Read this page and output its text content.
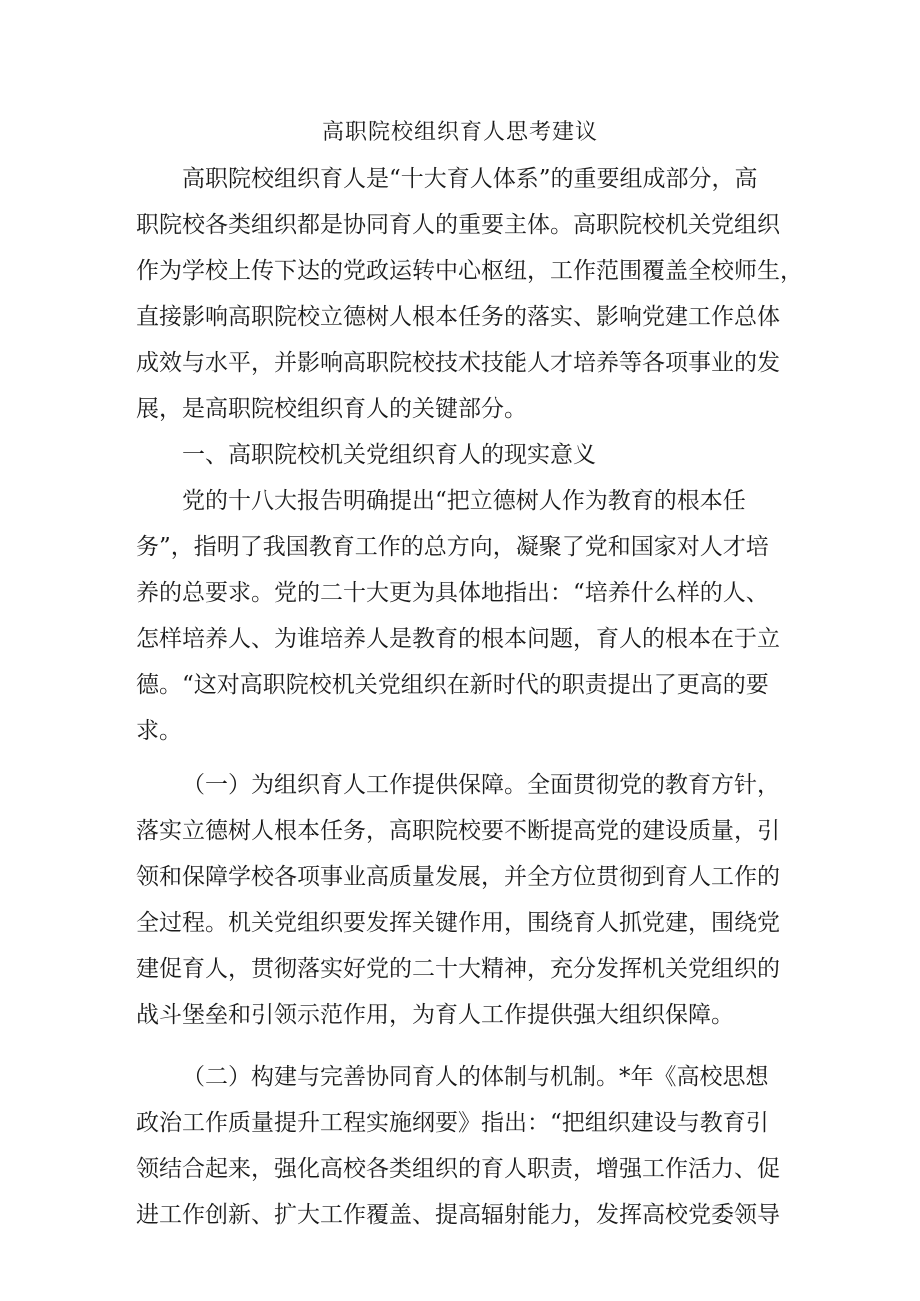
高职院校组织育人思考建议
高职院校组织育人是“十大育人体系”的重要组成部分，高
职院校各类组织都是协同育人的重要主体。高职院校机关党组织
作为学校上传下达的党政运转中心枢纽，工作范围覆盖全校师生，
直接影响高职院校立德树人根本任务的落实、影响党建工作总体
成效与水平，并影响高职院校技术技能人才培养等各项事业的发
展，是高职院校组织育人的关键部分。
一、高职院校机关党组织育人的现实意义
党的十八大报告明确提出“把立德树人作为教育的根本任
务”，指明了我国教育工作的总方向，凝聚了党和国家对人才培
养的总要求。党的二十大更为具体地指出：“培养什么样的人、
怎样培养人、为谁培养人是教育的根本问题，育人的根本在于立
德。“这对高职院校机关党组织在新时代的职责提出了更高的要
求。
（一）为组织育人工作提供保障。全面贯彻党的教育方针，
落实立德树人根本任务，高职院校要不断提高党的建设质量，引
领和保障学校各项事业高质量发展，并全方位贯彻到育人工作的
全过程。机关党组织要发挥关键作用，围绕育人抓党建，围绕党
建促育人，贯彻落实好党的二十大精神，充分发挥机关党组织的
战斗堡垒和引领示范作用，为育人工作提供强大组织保障。
（二）构建与完善协同育人的体制与机制。*年《高校思想
政治工作质量提升工程实施纲要》指出：“把组织建设与教育引
领结合起来，强化高校各类组织的育人职责，增强工作活力、促
进工作创新、扩大工作覆盖、提高辐射能力，发挥高校党委领导
